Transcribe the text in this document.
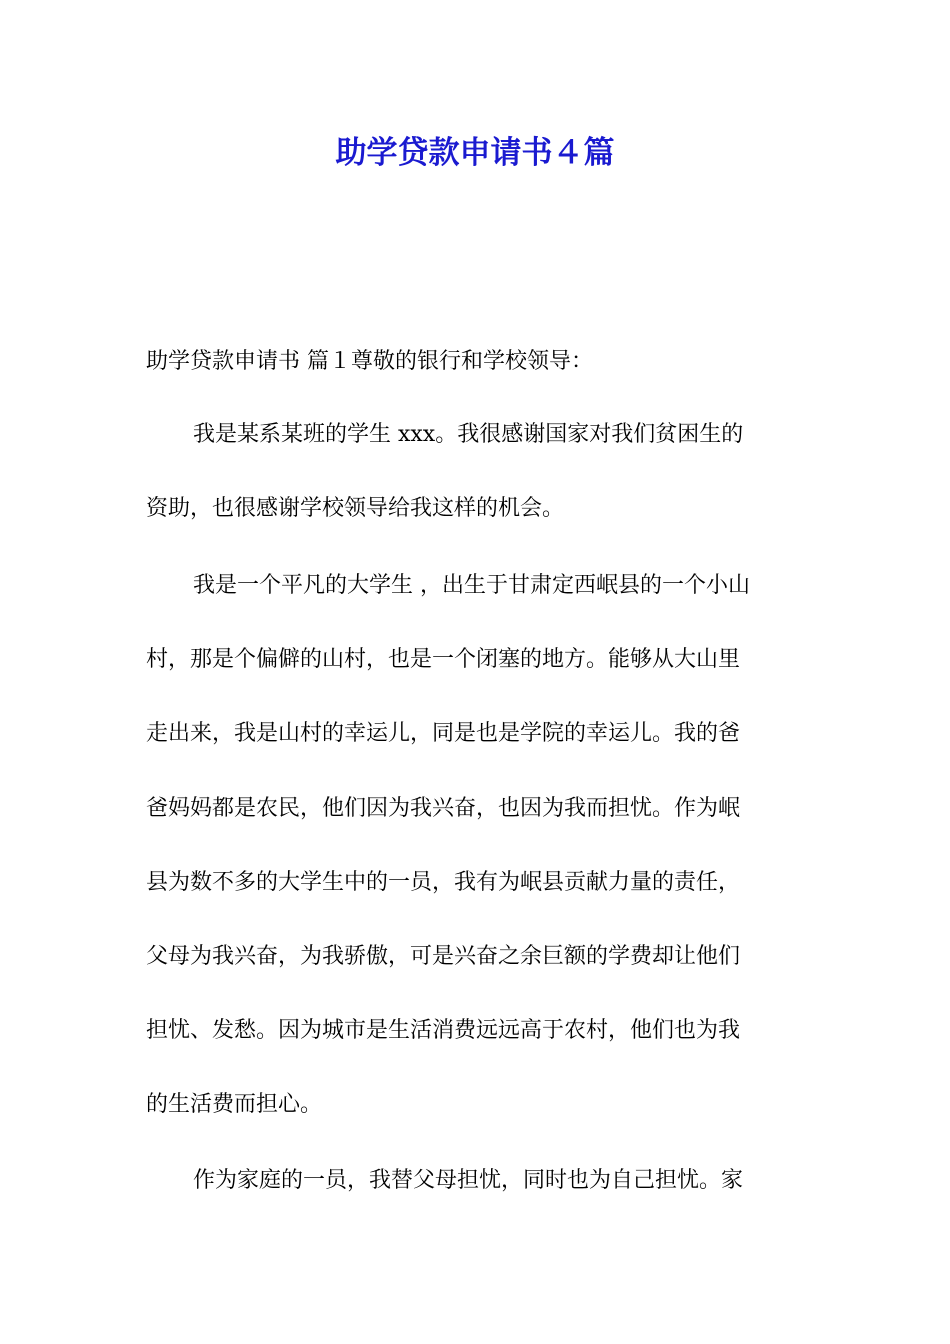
助学贷款申请书４篇

助学贷款申请书 篇１尊敬的银行和学校领导：

我是某系某班的学生 xxx。我很感谢国家对我们贫困生的

资助，也很感谢学校领导给我这样的机会。

我是一个平凡的大学生 ，出生于甘肃定西岷县的一个小山

村，那是个偏僻的山村，也是一个闭塞的地方。能够从大山里

走出来，我是山村的幸运儿，同是也是学院的幸运儿。我的爸

爸妈妈都是农民，他们因为我兴奋，也因为我而担忧。作为岷

县为数不多的大学生中的一员，我有为岷县贡献力量的责任，

父母为我兴奋，为我骄傲，可是兴奋之余巨额的学费却让他们

担忧、发愁。因为城市是生活消费远远高于农村，他们也为我

的生活费而担心。

作为家庭的一员，我替父母担忧，同时也为自己担忧。家
